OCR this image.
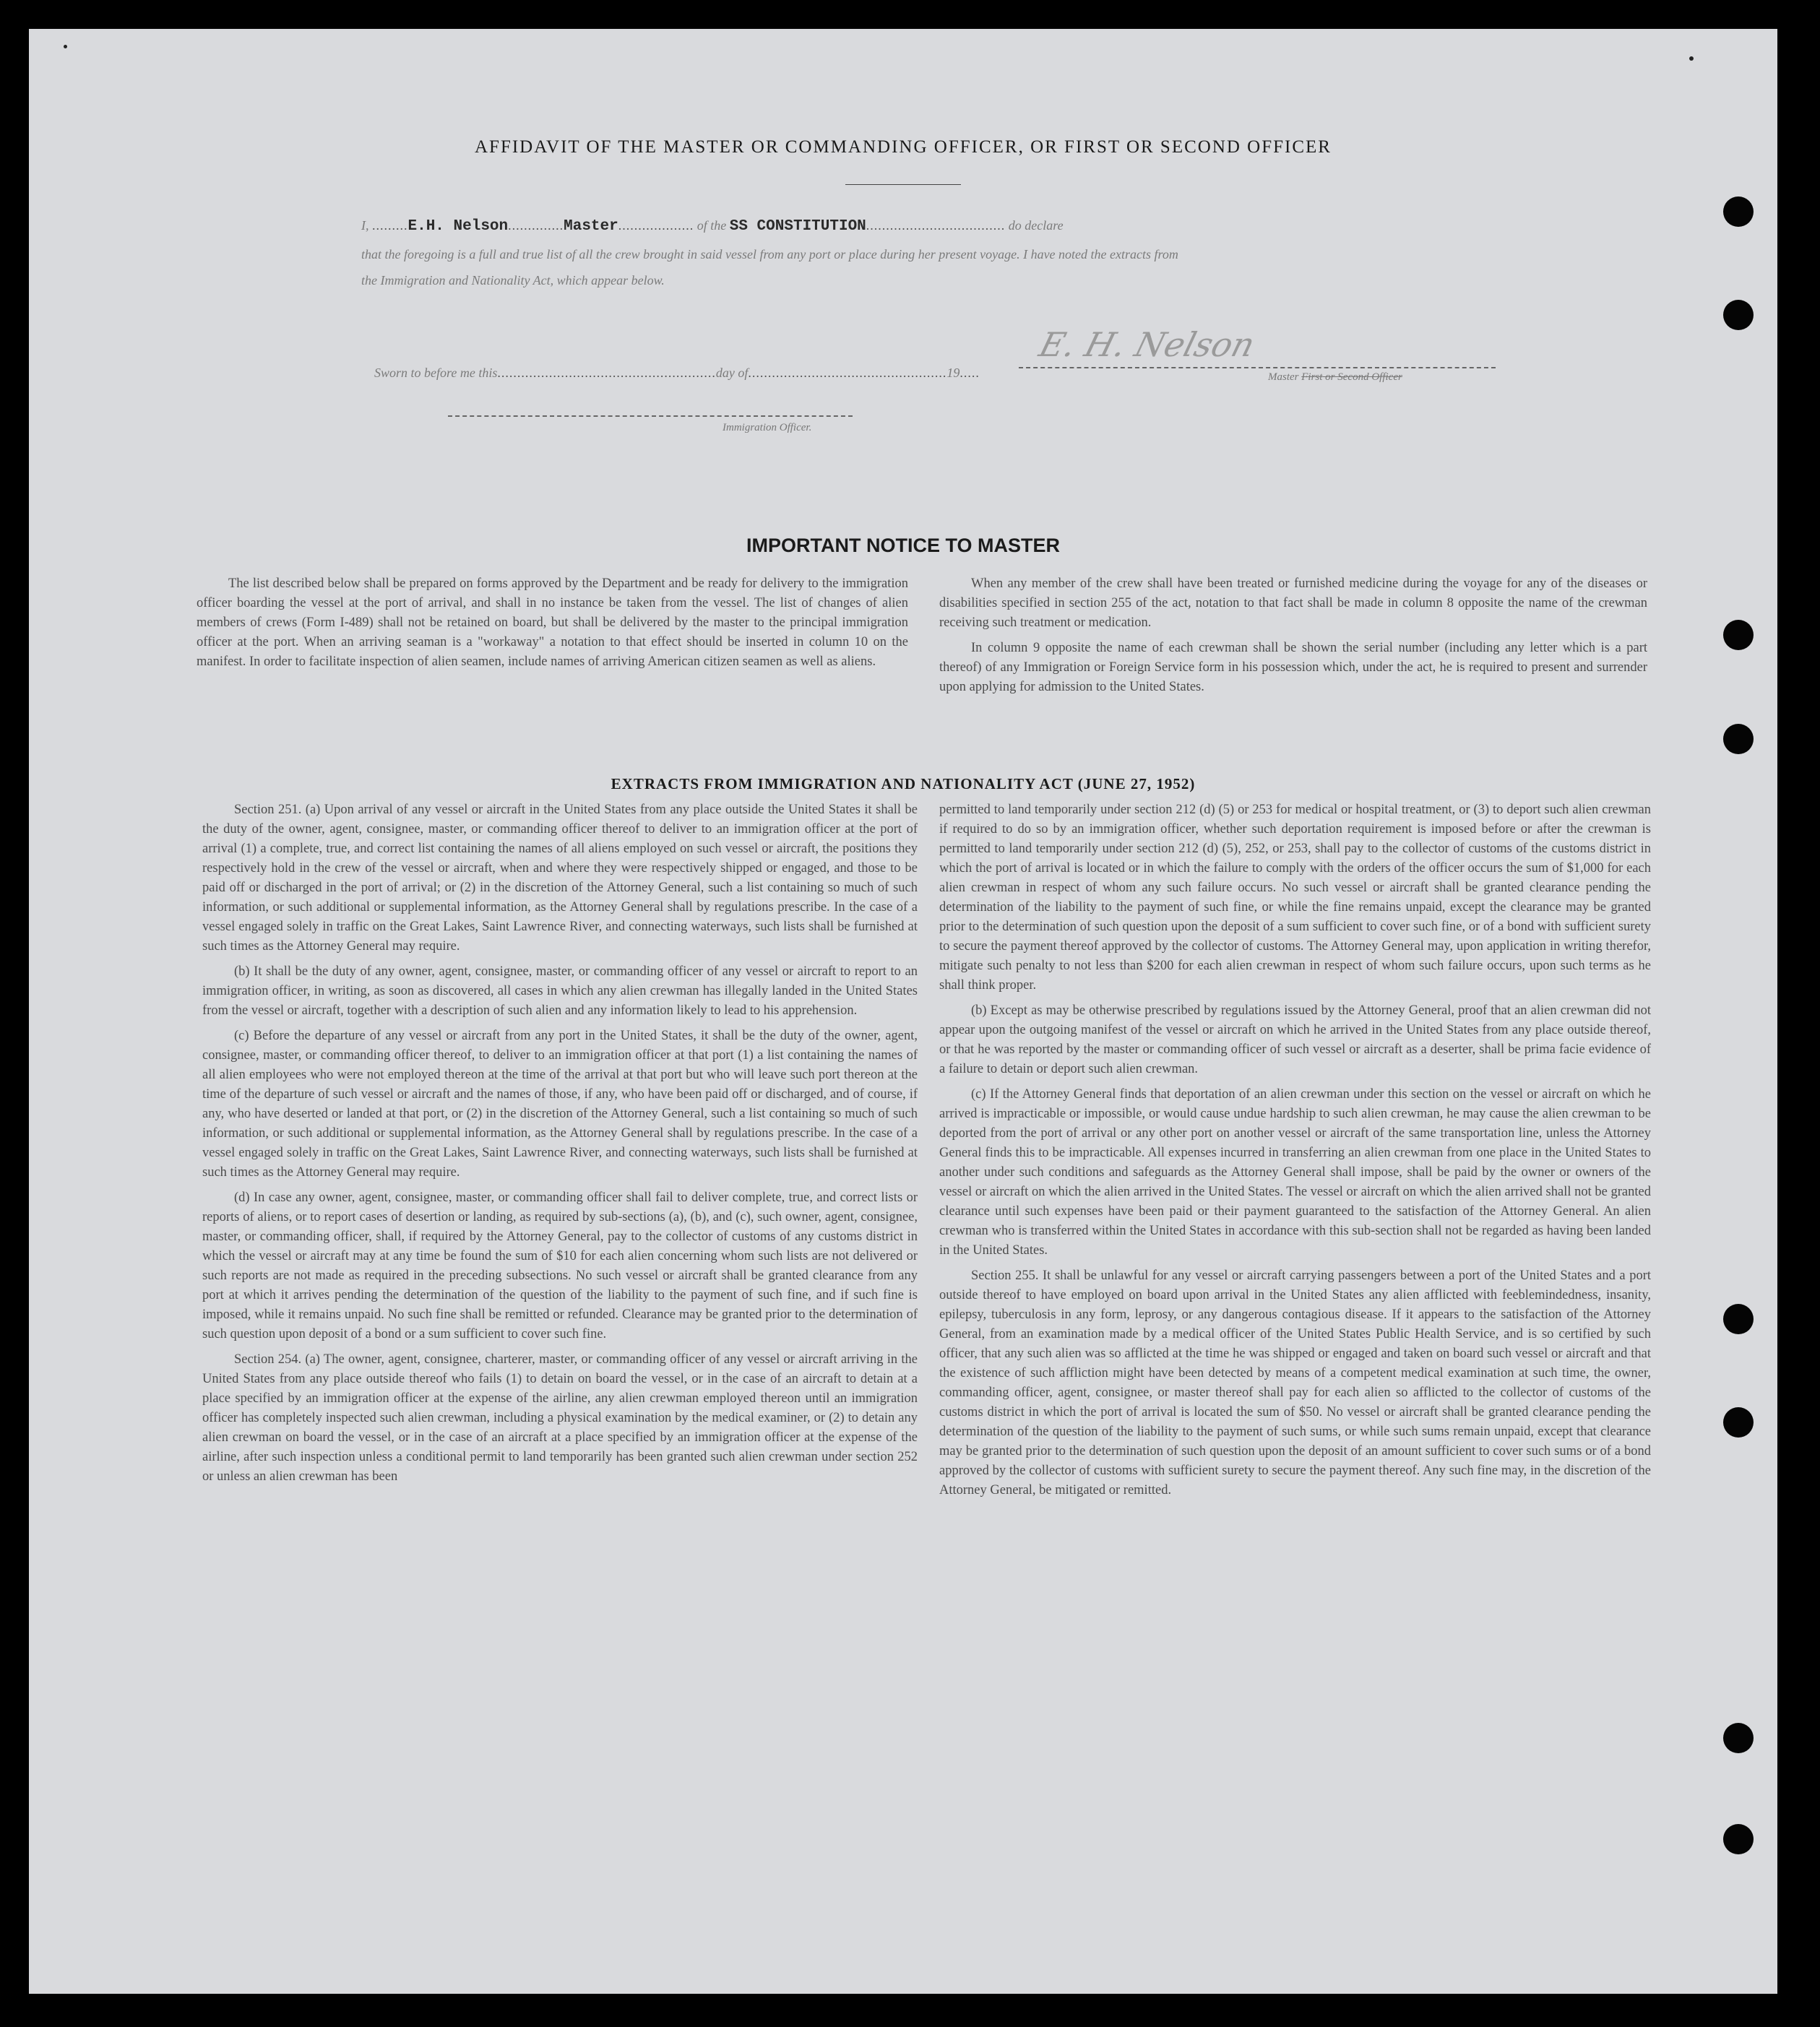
AFFIDAVIT OF THE MASTER OR COMMANDING OFFICER, OR FIRST OR SECOND OFFICER
I, .........E.H. Nelson..............Master................... of the SS CONSTITUTION................................... do declare
that the foregoing is a full and true list of all the crew brought in said vessel from any port or place during her present voyage. I have noted the extracts from
the Immigration and Nationality Act, which appear below.
E. H. Nelson
Master First or Second Officer
Sworn to before me this.......................................................day of..................................................19.....
Immigration Officer.
IMPORTANT NOTICE TO MASTER

The list described below shall be prepared on forms approved by the Department and be ready for delivery to the immigration officer boarding the vessel at the port of arrival, and shall in no instance be taken from the vessel. The list of changes of alien members of crews (Form I-489) shall not be retained on board, but shall be delivered by the master to the principal immigration officer at the port. When an arriving seaman is a "workaway" a notation to that effect should be inserted in column 10 on the manifest. In order to facilitate inspection of alien seamen, include names of arriving American citizen seamen as well as aliens.

When any member of the crew shall have been treated or furnished medicine during the voyage for any of the diseases or disabilities specified in section 255 of the act, notation to that fact shall be made in column 8 opposite the name of the crewman receiving such treatment or medication.

In column 9 opposite the name of each crewman shall be shown the serial number (including any letter which is a part thereof) of any Immigration or Foreign Service form in his possession which, under the act, he is required to present and surrender upon applying for admission to the United States.

EXTRACTS FROM IMMIGRATION AND NATIONALITY ACT (JUNE 27, 1952)

Section 251. (a) Upon arrival of any vessel or aircraft in the United States from any place outside the United States it shall be the duty of the owner, agent, consignee, master, or commanding officer thereof to deliver to an immigration officer at the port of arrival (1) a complete, true, and correct list containing the names of all aliens employed on such vessel or aircraft, the positions they respectively hold in the crew of the vessel or aircraft, when and where they were respectively shipped or engaged, and those to be paid off or discharged in the port of arrival; or (2) in the discretion of the Attorney General, such a list containing so much of such information, or such additional or supplemental information, as the Attorney General shall by regulations prescribe. In the case of a vessel engaged solely in traffic on the Great Lakes, Saint Lawrence River, and connecting waterways, such lists shall be furnished at such times as the Attorney General may require.

(b) It shall be the duty of any owner, agent, consignee, master, or commanding officer of any vessel or aircraft to report to an immigration officer, in writing, as soon as discovered, all cases in which any alien crewman has illegally landed in the United States from the vessel or aircraft, together with a description of such alien and any information likely to lead to his apprehension.

(c) Before the departure of any vessel or aircraft from any port in the United States, it shall be the duty of the owner, agent, consignee, master, or commanding officer thereof, to deliver to an immigration officer at that port (1) a list containing the names of all alien employees who were not employed thereon at the time of the arrival at that port but who will leave such port thereon at the time of the departure of such vessel or aircraft and the names of those, if any, who have been paid off or discharged, and of course, if any, who have deserted or landed at that port, or (2) in the discretion of the Attorney General, such a list containing so much of such information, or such additional or supplemental information, as the Attorney General shall by regulations prescribe. In the case of a vessel engaged solely in traffic on the Great Lakes, Saint Lawrence River, and connecting waterways, such lists shall be furnished at such times as the Attorney General may require.

(d) In case any owner, agent, consignee, master, or commanding officer shall fail to deliver complete, true, and correct lists or reports of aliens, or to report cases of desertion or landing, as required by sub-sections (a), (b), and (c), such owner, agent, consignee, master, or commanding officer, shall, if required by the Attorney General, pay to the collector of customs of any customs district in which the vessel or aircraft may at any time be found the sum of $10 for each alien concerning whom such lists are not delivered or such reports are not made as required in the preceding subsections. No such vessel or aircraft shall be granted clearance from any port at which it arrives pending the determination of the question of the liability to the payment of such fine, and if such fine is imposed, while it remains unpaid. No such fine shall be remitted or refunded. Clearance may be granted prior to the determination of such question upon deposit of a bond or a sum sufficient to cover such fine.

Section 254. (a) The owner, agent, consignee, charterer, master, or commanding officer of any vessel or aircraft arriving in the United States from any place outside thereof who fails (1) to detain on board the vessel, or in the case of an aircraft to detain at a place specified by an immigration officer at the expense of the airline, any alien crewman employed thereon until an immigration officer has completely inspected such alien crewman, including a physical examination by the medical examiner, or (2) to detain any alien crewman on board the vessel, or in the case of an aircraft at a place specified by an immigration officer at the expense of the airline, after such inspection unless a conditional permit to land temporarily has been granted such alien crewman under section 252 or unless an alien crewman has been

permitted to land temporarily under section 212 (d) (5) or 253 for medical or hospital treatment, or (3) to deport such alien crewman if required to do so by an immigration officer, whether such deportation requirement is imposed before or after the crewman is permitted to land temporarily under section 212 (d) (5), 252, or 253, shall pay to the collector of customs of the customs district in which the port of arrival is located or in which the failure to comply with the orders of the officer occurs the sum of $1,000 for each alien crewman in respect of whom any such failure occurs. No such vessel or aircraft shall be granted clearance pending the determination of the liability to the payment of such fine, or while the fine remains unpaid, except the clearance may be granted prior to the determination of such question upon the deposit of a sum sufficient to cover such fine, or of a bond with sufficient surety to secure the payment thereof approved by the collector of customs. The Attorney General may, upon application in writing therefor, mitigate such penalty to not less than $200 for each alien crewman in respect of whom such failure occurs, upon such terms as he shall think proper.

(b) Except as may be otherwise prescribed by regulations issued by the Attorney General, proof that an alien crewman did not appear upon the outgoing manifest of the vessel or aircraft on which he arrived in the United States from any place outside thereof, or that he was reported by the master or commanding officer of such vessel or aircraft as a deserter, shall be prima facie evidence of a failure to detain or deport such alien crewman.

(c) If the Attorney General finds that deportation of an alien crewman under this section on the vessel or aircraft on which he arrived is impracticable or impossible, or would cause undue hardship to such alien crewman, he may cause the alien crewman to be deported from the port of arrival or any other port on another vessel or aircraft of the same transportation line, unless the Attorney General finds this to be impracticable. All expenses incurred in transferring an alien crewman from one place in the United States to another under such conditions and safeguards as the Attorney General shall impose, shall be paid by the owner or owners of the vessel or aircraft on which the alien arrived in the United States. The vessel or aircraft on which the alien arrived shall not be granted clearance until such expenses have been paid or their payment guaranteed to the satisfaction of the Attorney General. An alien crewman who is transferred within the United States in accordance with this sub-section shall not be regarded as having been landed in the United States.

Section 255. It shall be unlawful for any vessel or aircraft carrying passengers between a port of the United States and a port outside thereof to have employed on board upon arrival in the United States any alien afflicted with feeblemindedness, insanity, epilepsy, tuberculosis in any form, leprosy, or any dangerous contagious disease. If it appears to the satisfaction of the Attorney General, from an examination made by a medical officer of the United States Public Health Service, and is so certified by such officer, that any such alien was so afflicted at the time he was shipped or engaged and taken on board such vessel or aircraft and that the existence of such affliction might have been detected by means of a competent medical examination at such time, the owner, commanding officer, agent, consignee, or master thereof shall pay for each alien so afflicted to the collector of customs of the customs district in which the port of arrival is located the sum of $50. No vessel or aircraft shall be granted clearance pending the determination of the question of the liability to the payment of such sums, or while such sums remain unpaid, except that clearance may be granted prior to the determination of such question upon the deposit of an amount sufficient to cover such sums or of a bond approved by the collector of customs with sufficient surety to secure the payment thereof. Any such fine may, in the discretion of the Attorney General, be mitigated or remitted.
